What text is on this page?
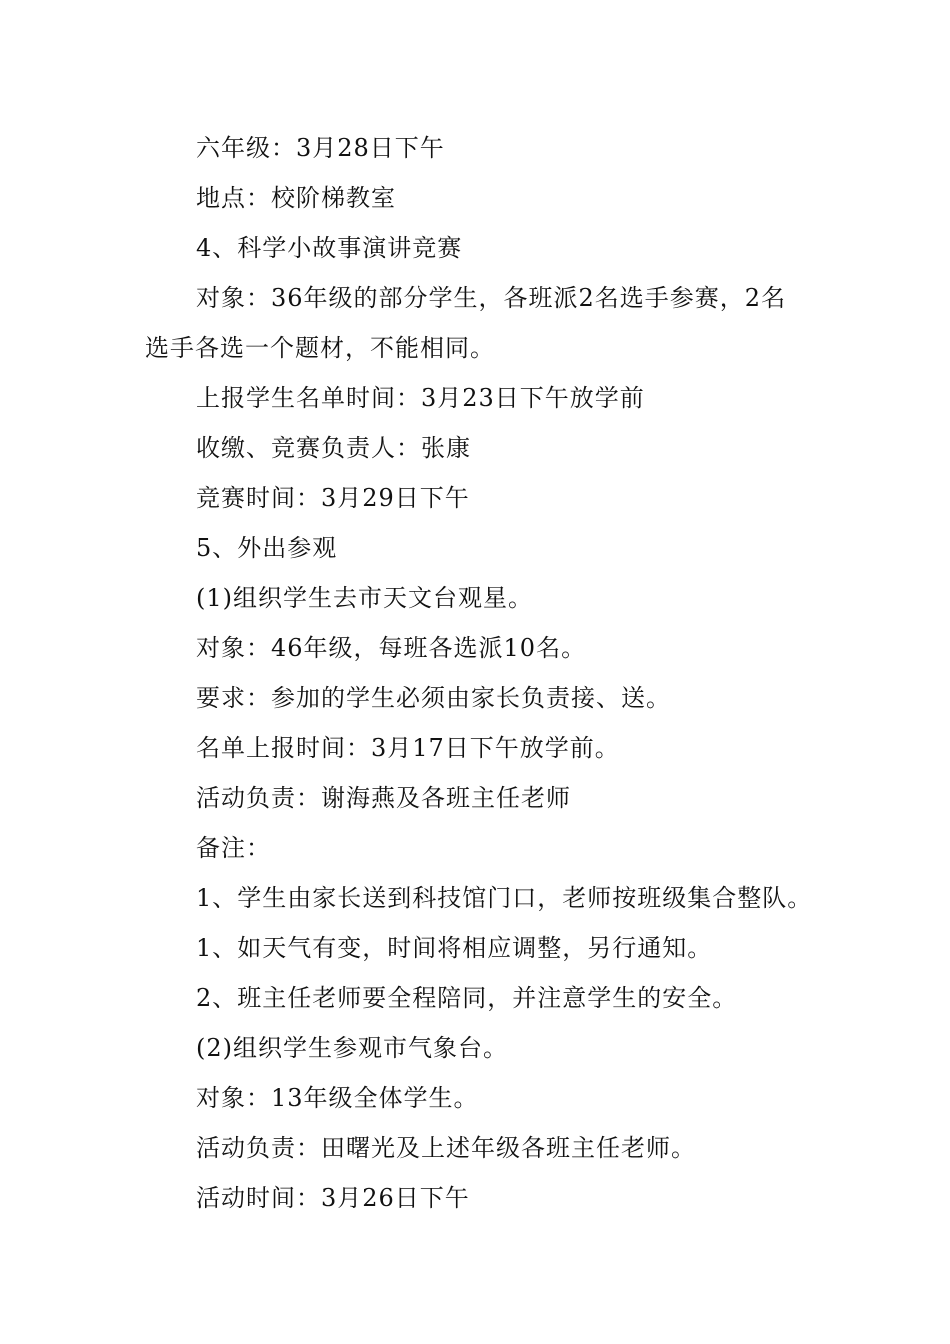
六年级：3月28日下午
地点：校阶梯教室
4、科学小故事演讲竞赛
对象：36年级的部分学生，各班派2名选手参赛，2名
选手各选一个题材，不能相同。
上报学生名单时间：3月23日下午放学前
收缴、竞赛负责人：张康
竞赛时间：3月29日下午
5、外出参观
(1)组织学生去市天文台观星。
对象：46年级，每班各选派10名。
要求：参加的学生必须由家长负责接、送。
名单上报时间：3月17日下午放学前。
活动负责：谢海燕及各班主任老师
备注：
1、学生由家长送到科技馆门口，老师按班级集合整队。
1、如天气有变，时间将相应调整，另行通知。
2、班主任老师要全程陪同，并注意学生的安全。
(2)组织学生参观市气象台。
对象：13年级全体学生。
活动负责：田曙光及上述年级各班主任老师。
活动时间：3月26日下午
